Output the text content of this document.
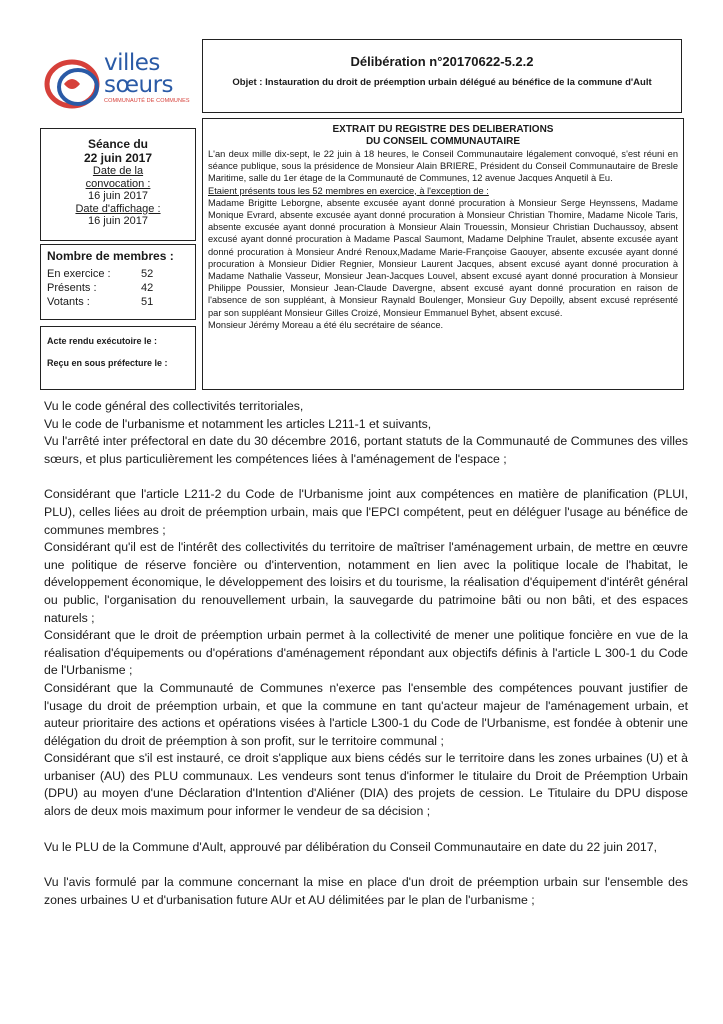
villes
sœurs
COMMUNAUTÉ DE COMMUNES
Délibération n°20170622-5.2.2
Objet : Instauration du droit de préemption urbain délégué au bénéfice de la commune d'Ault
Séance du
22 juin 2017
Date de la convocation :
16 juin 2017
Date d'affichage :
16 juin 2017
Nombre de membres :
En exercice :	52
Présents :	42
Votants :	51
Acte rendu exécutoire le :
Reçu en sous préfecture le :
EXTRAIT DU REGISTRE DES DELIBERATIONS
DU CONSEIL COMMUNAUTAIRE

L'an deux mille dix-sept, le 22 juin à 18 heures, le Conseil Communautaire légalement convoqué, s'est réuni en séance publique, sous la présidence de Monsieur Alain BRIERE, Président du Conseil Communautaire de Bresle Maritime, salle du 1er étage de la Communauté de Communes, 12 avenue Jacques Anquetil à Eu.

Etaient présents tous les 52 membres en exercice, à l'exception de :

Madame Brigitte Leborgne, absente excusée ayant donné procuration à Monsieur Serge Heynssens, Madame Monique Evrard, absente excusée ayant donné procuration à Monsieur Christian Thomire, Madame Nicole Taris, absente excusée ayant donné procuration à Monsieur Alain Trouessin, Monsieur Christian Duchaussoy, absent excusé ayant donné procuration à Madame Pascal Saumont, Madame Delphine Traulet, absente excusée ayant donné procuration à Monsieur André Renoux,Madame Marie-Françoise Gaouyer, absente excusée ayant donné procuration à Monsieur Didier Regnier, Monsieur Laurent Jacques, absent excusé ayant donné procuration à Madame Nathalie Vasseur, Monsieur Jean-Jacques Louvel, absent excusé ayant donné procuration à Monsieur Philippe Poussier, Monsieur Jean-Claude Davergne, absent excusé ayant donné procuration en raison de l'absence de son suppléant, à Monsieur Raynald Boulenger, Monsieur Guy Depoilly, absent excusé représenté par son suppléant Monsieur Gilles Croizé, Monsieur Emmanuel Byhet, absent excusé.

Monsieur Jérémy Moreau a été élu secrétaire de séance.

Vu le code général des collectivités territoriales,

Vu le code de l'urbanisme et notamment les articles L211-1 et suivants,

Vu l'arrêté inter préfectoral en date du 30 décembre 2016, portant statuts de la Communauté de Communes des villes sœurs, et plus particulièrement les compétences liées à l'aménagement de l'espace ;

Considérant que l'article L211-2 du Code de l'Urbanisme joint aux compétences en matière de planification (PLUI, PLU), celles liées au droit de préemption urbain, mais que l'EPCI compétent, peut en déléguer l'usage au bénéfice de communes membres ;

Considérant qu'il est de l'intérêt des collectivités du territoire de maîtriser l'aménagement urbain, de mettre en œuvre une politique de réserve foncière ou d'intervention, notamment en lien avec la politique locale de l'habitat, le développement économique, le développement des loisirs et du tourisme, la réalisation d'équipement d'intérêt général ou public, l'organisation du renouvellement urbain, la sauvegarde du patrimoine bâti ou non bâti, et des espaces naturels ;

Considérant que le droit de préemption urbain permet à la collectivité de mener une politique foncière en vue de la réalisation d'équipements ou d'opérations d'aménagement répondant aux objectifs définis à l'article L 300-1 du Code de l'Urbanisme ;

Considérant que la Communauté de Communes n'exerce pas l'ensemble des compétences pouvant justifier de l'usage du droit de préemption urbain, et que la commune en tant qu'acteur majeur de l'aménagement urbain, et auteur prioritaire des actions et opérations visées à l'article L300-1 du Code de l'Urbanisme, est fondée à obtenir une délégation du droit de préemption à son profit, sur le territoire communal ;

Considérant que s'il est instauré, ce droit s'applique aux biens cédés sur le territoire dans les zones urbaines (U) et à urbaniser (AU) des PLU communaux. Les vendeurs sont tenus d'informer le titulaire du Droit de Préemption Urbain (DPU) au moyen d'une Déclaration d'Intention d'Aliéner (DIA) des projets de cession. Le Titulaire du DPU dispose alors de deux mois maximum pour informer le vendeur de sa décision ;

Vu le PLU de la Commune d'Ault, approuvé par délibération du Conseil Communautaire en date du 22 juin 2017,

Vu l'avis formulé par la commune concernant la mise en place d'un droit de préemption urbain sur l'ensemble des zones urbaines U et d'urbanisation future AUr et AU délimitées par le plan de l'urbanisme ;
